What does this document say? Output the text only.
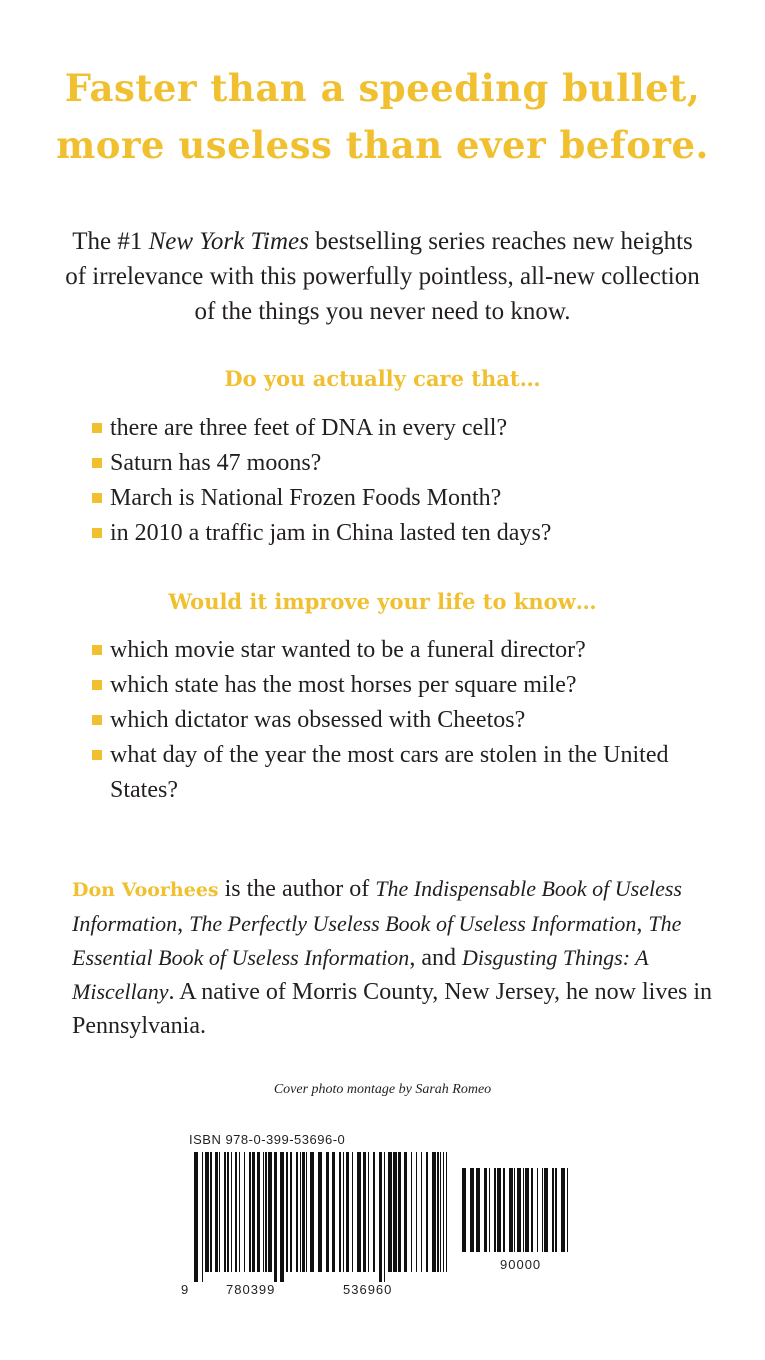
Faster than a speeding bullet,
more useless than ever before.
The #1 New York Times bestselling series reaches new heights of irrelevance with this powerfully pointless, all-new collection of the things you never need to know.
Do you actually care that…
there are three feet of DNA in every cell?
Saturn has 47 moons?
March is National Frozen Foods Month?
in 2010 a traffic jam in China lasted ten days?
Would it improve your life to know…
which movie star wanted to be a funeral director?
which state has the most horses per square mile?
which dictator was obsessed with Cheetos?
what day of the year the most cars are stolen in the United States?
Don Voorhees is the author of The Indispensable Book of Useless Information, The Perfectly Useless Book of Useless Information, The Essential Book of Useless Information, and Disgusting Things: A Miscellany. A native of Morris County, New Jersey, he now lives in Pennsylvania.
Cover photo montage by Sarah Romeo
ISBN 978-0-399-53696-0
9	780399	536960
90000
